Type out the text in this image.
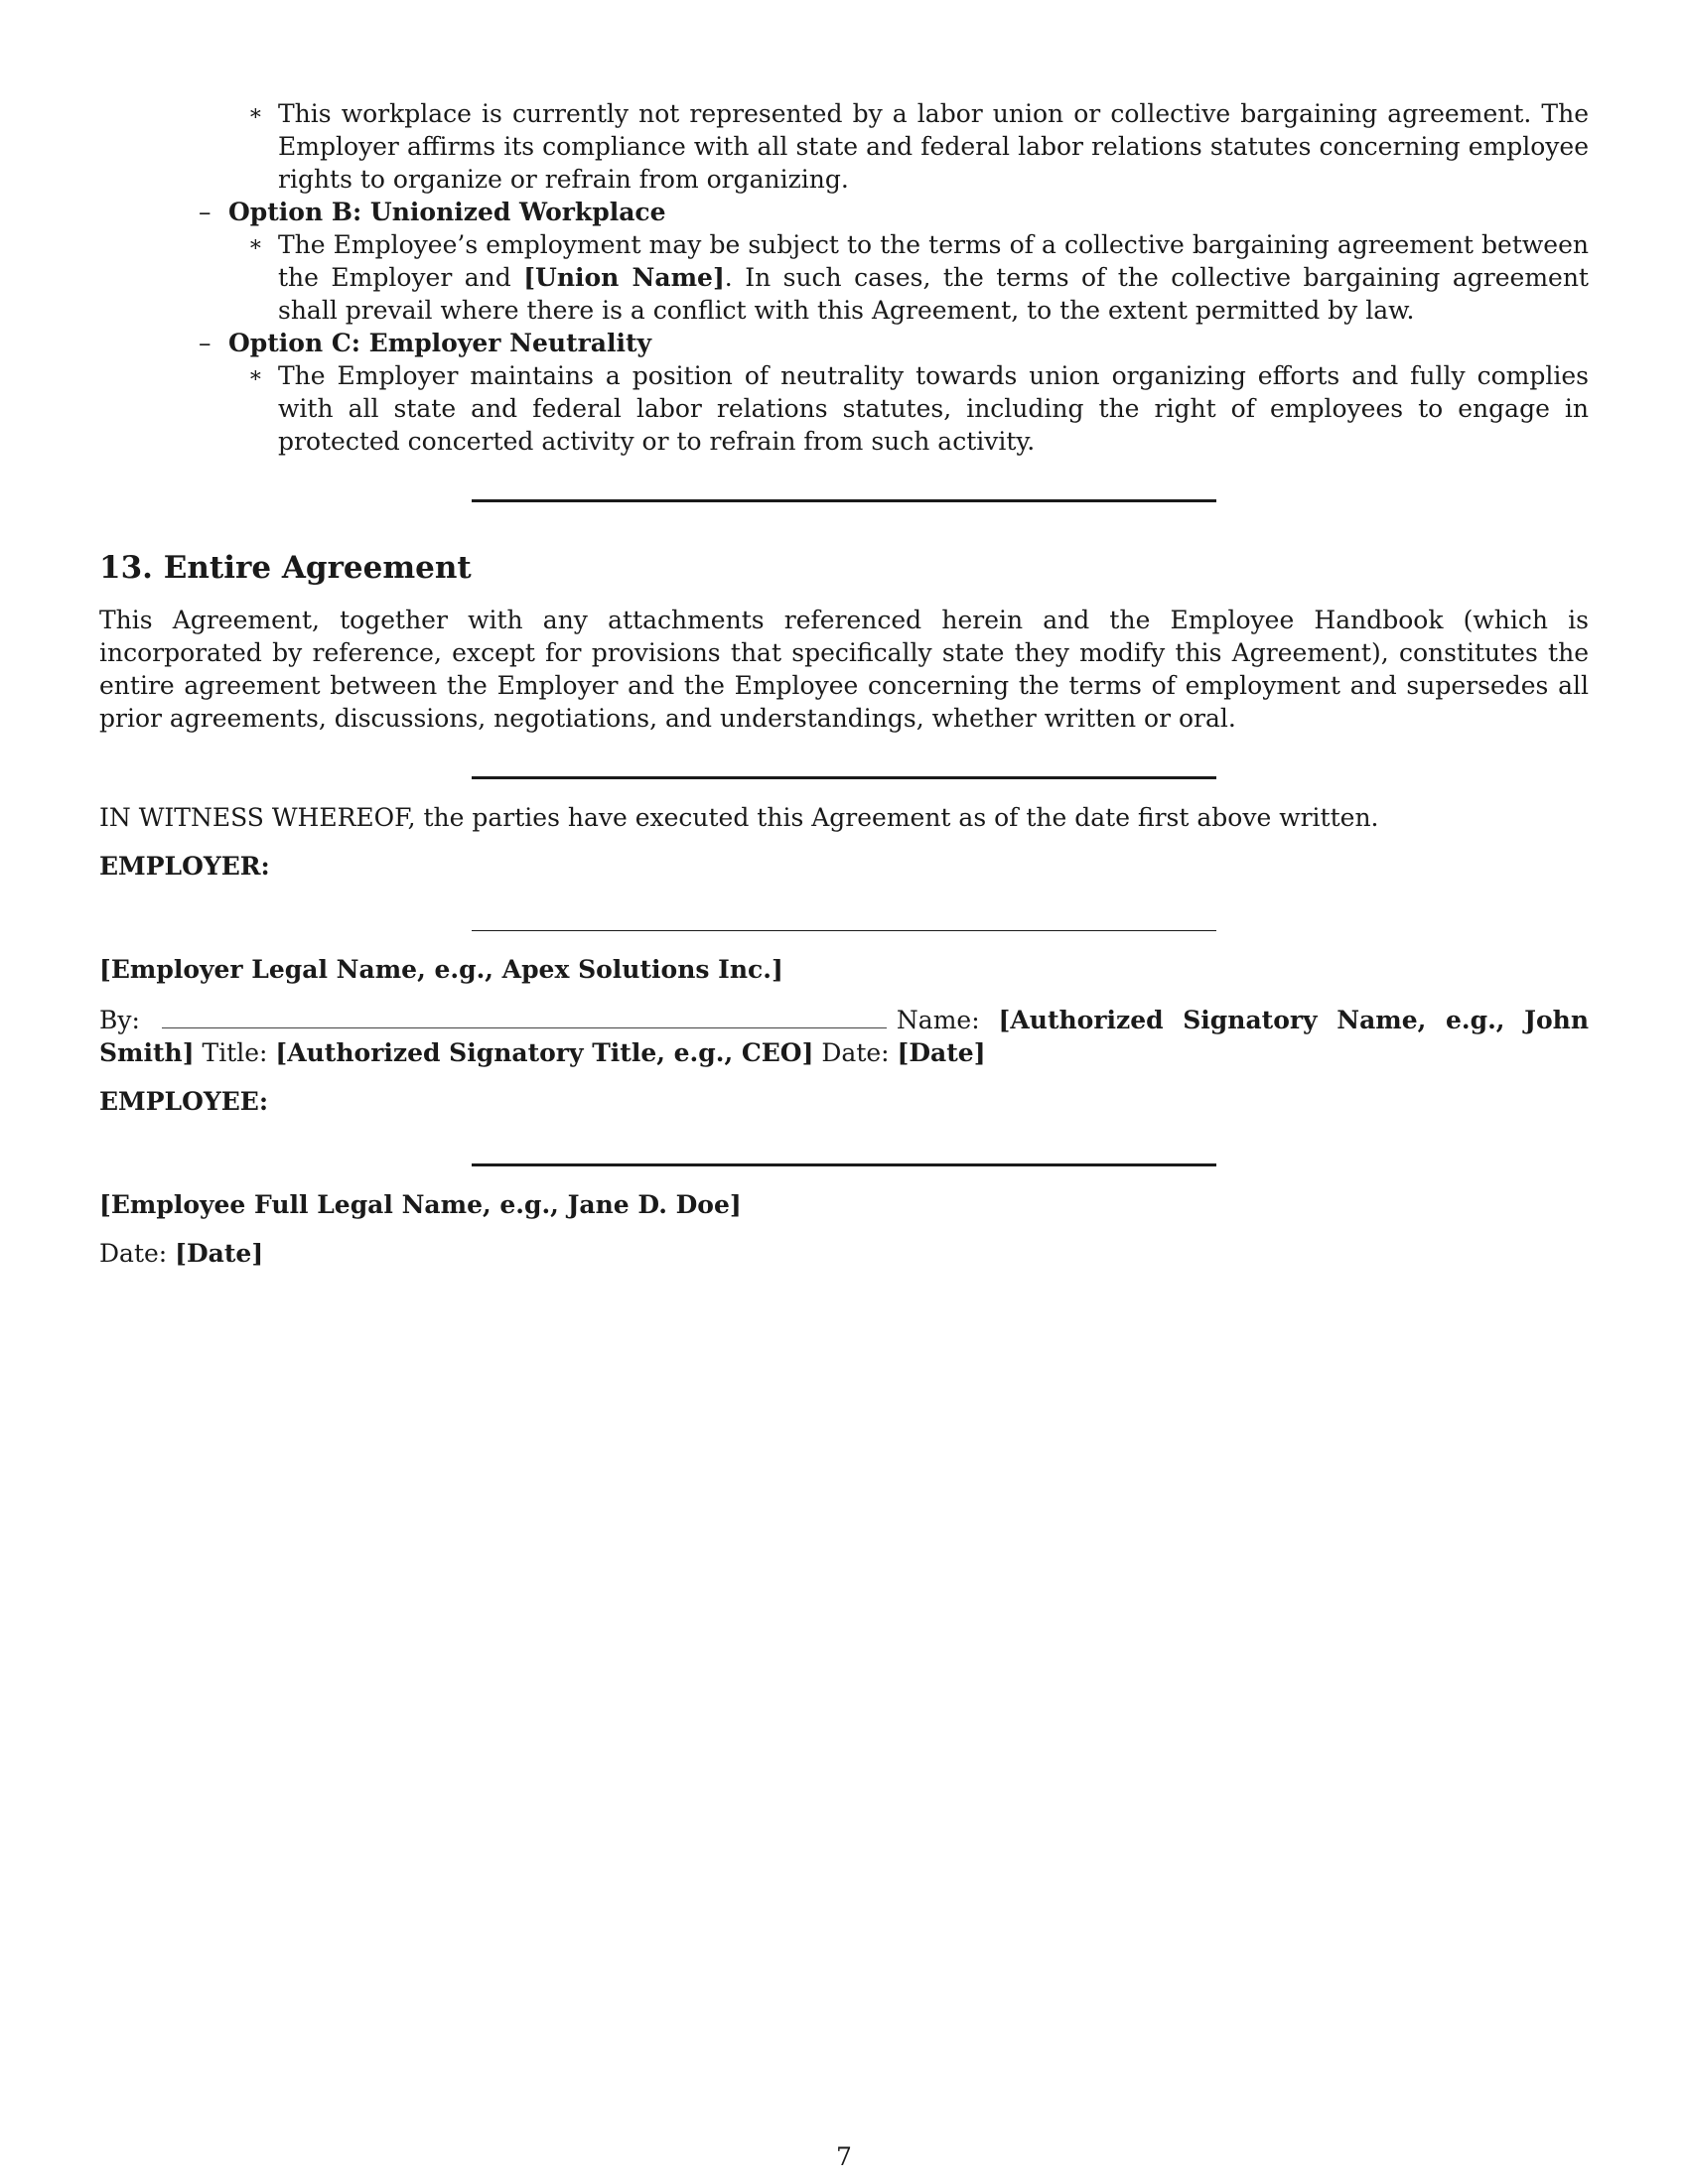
∗ This workplace is currently not represented by a labor union or collective bargaining agreement. The Employer affirms its compliance with all state and federal labor relations statutes concerning employee rights to organize or refrain from organizing.
– Option B: Unionized Workplace
∗ The Employee’s employment may be subject to the terms of a collective bargaining agreement between the Employer and [Union Name]. In such cases, the terms of the collective bargaining agreement shall prevail where there is a conflict with this Agreement, to the extent permitted by law.
– Option C: Employer Neutrality
∗ The Employer maintains a position of neutrality towards union organizing efforts and fully complies with all state and federal labor relations statutes, including the right of employees to engage in protected concerted activity or to refrain from such activity.
13. Entire Agreement

This Agreement, together with any attachments referenced herein and the Employee Handbook (which is incorporated by reference, except for provisions that specifically state they modify this Agreement), constitutes the entire agreement between the Employer and the Employee concerning the terms of employment and supersedes all prior agreements, discussions, negotiations, and understandings, whether written or oral.

IN WITNESS WHEREOF, the parties have executed this Agreement as of the date first above written.

EMPLOYER:

[Employer Legal Name, e.g., Apex Solutions Inc.]

By:	Name: [Authorized Signatory Name, e.g., John Smith] Title: [Authorized Signatory Title, e.g., CEO] Date: [Date]

EMPLOYEE:

[Employee Full Legal Name, e.g., Jane D. Doe]

Date: [Date]

7
